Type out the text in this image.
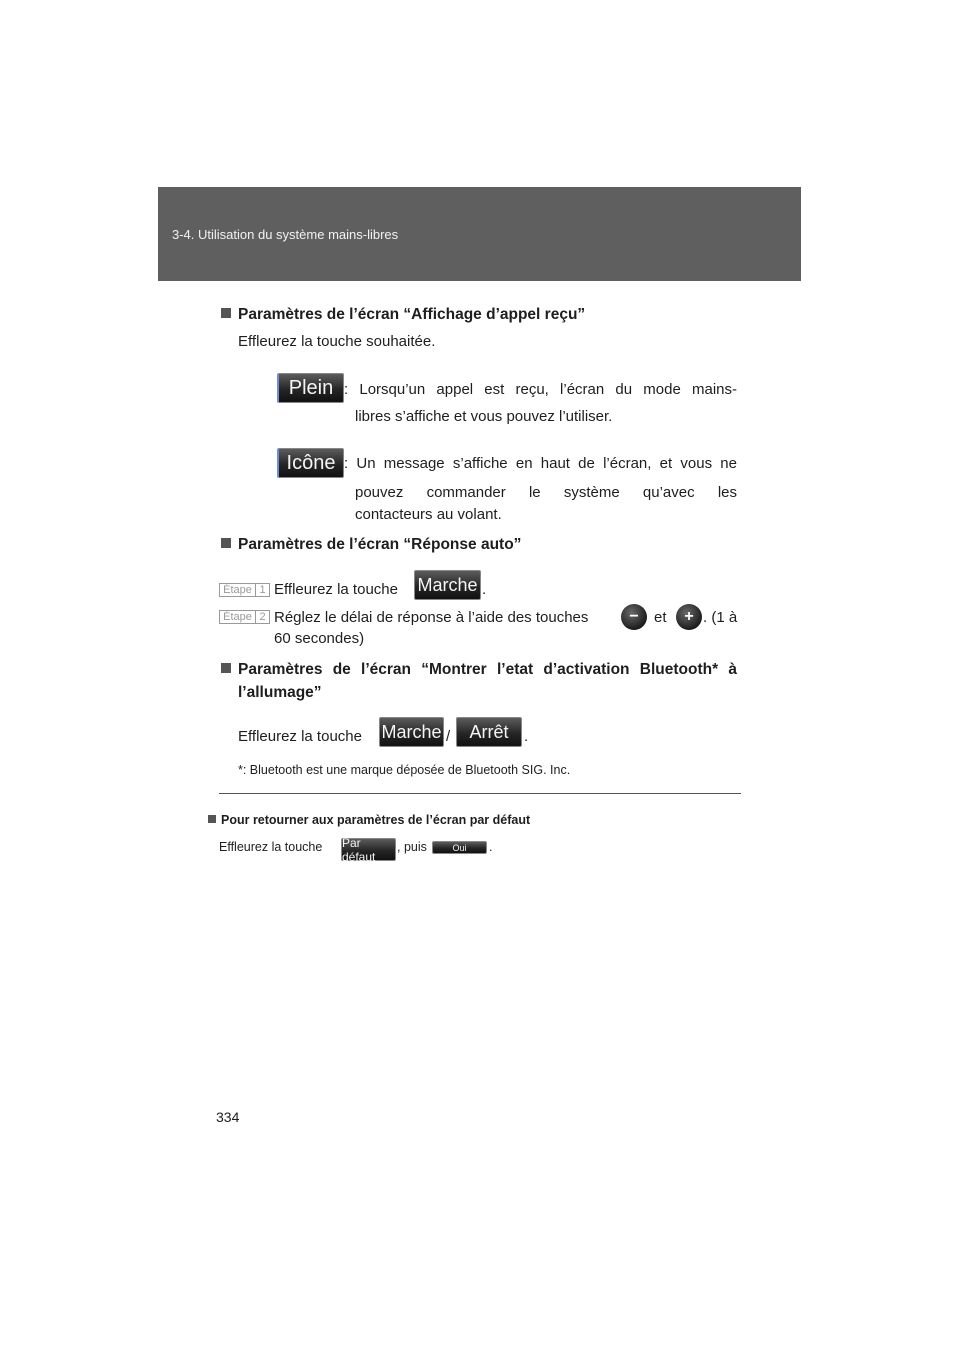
3-4. Utilisation du système mains-libres
Paramètres de l’écran “Affichage d’appel reçu”
Effleurez la touche souhaitée.
Plein : Lorsqu’un appel est reçu, l’écran du mode mains-
libres s’affiche et vous pouvez l’utiliser.
Icône : Un message s’affiche en haut de l’écran, et vous ne
pouvez commander le système qu’avec les
contacteurs au volant.
Paramètres de l’écran “Réponse auto”
Étape 1 Effleurez la touche Marche .
Étape 2 Réglez le délai de réponse à l’aide des touches	−	et	+ . (1 à
60 secondes)
Paramètres de l’écran “Montrer l’etat d’activation Bluetooth* à
l’allumage”
Effleurez la touche Marche /	Arrêt	.
*: Bluetooth est une marque déposée de Bluetooth SIG. Inc.
Pour retourner aux paramètres de l’écran par défaut
Effleurez la touche Par défaut
, puis	Oui	.
334
